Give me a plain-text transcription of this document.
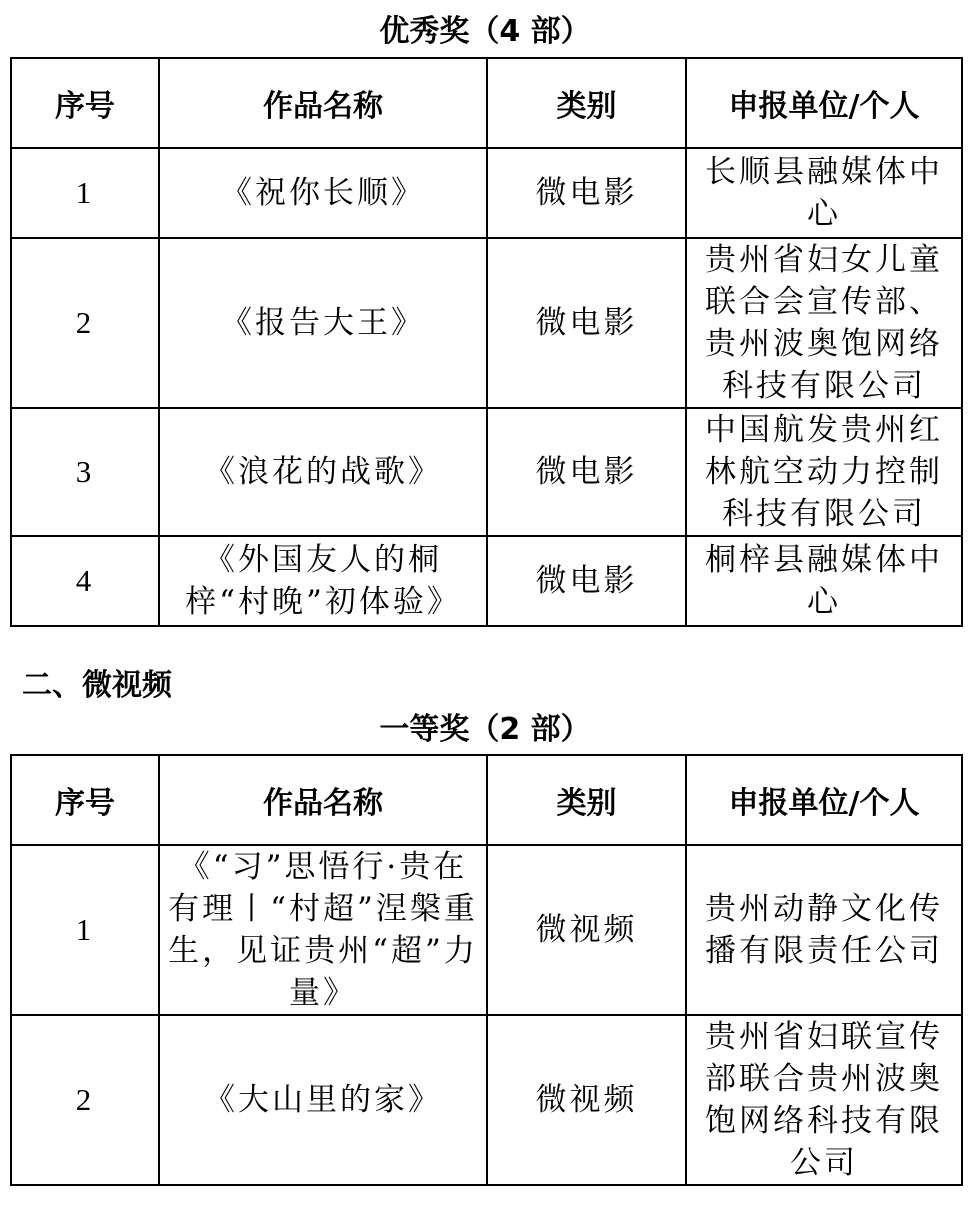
优秀奖（4 部）
序号	作品名称	类别	申报单位/个人
1	《祝你长顺》	微电影	长顺县融媒体中心
2	《报告大王》	微电影	贵州省妇女儿童联合会宣传部、贵州波奥饱网络科技有限公司
3	《浪花的战歌》	微电影	中国航发贵州红林航空动力控制科技有限公司
4	《外国友人的桐梓“村晚”初体验》	微电影	桐梓县融媒体中心
二、微视频
一等奖（2 部）
序号	作品名称	类别	申报单位/个人
1	《“习”思悟行·贵在有理丨“村超”涅槃重生，见证贵州“超”力量》	微视频	贵州动静文化传播有限责任公司
2	《大山里的家》	微视频	贵州省妇联宣传部联合贵州波奥饱网络科技有限公司
